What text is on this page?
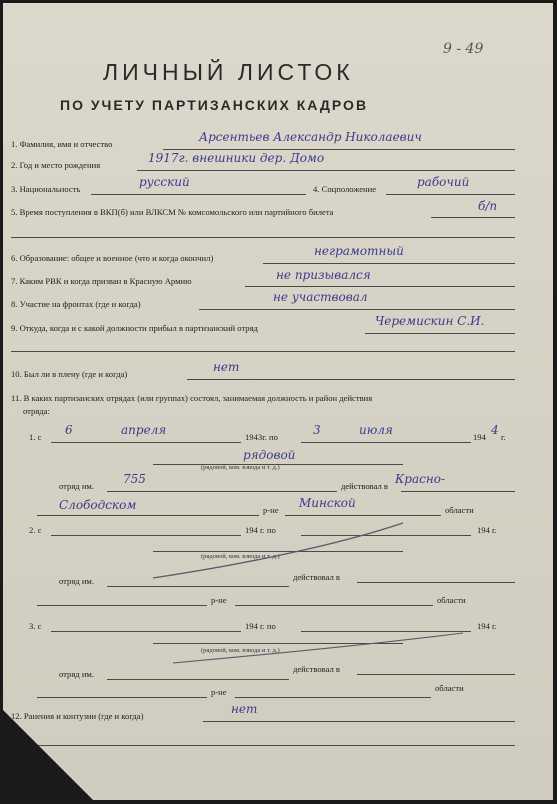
9 - 49
ЛИЧНЫЙ ЛИСТОК
ПО УЧЕТУ ПАРТИЗАНСКИХ КАДРОВ
1. Фамилия, имя и отчество	Арсентьев Александр Николаевич
2. Год и место рождения	1917г. внешники дер. Домо
3. Национальность	русский	4. Соцположение	рабочий
5. Время поступления в ВКП(б) или ВЛКСМ № комсомольского или партийного билета	б/п
6. Образование: общее и военное (что и когда окончил)	неграмотный
7. Каким РВК и когда призван в Красную Армию	не призывался
8. Участие на фронтах (где и когда)	не участвовал
9. Откуда, когда и с какой должности прибыл в партизанский отряд	Черемискин С.И.
10. Был ли в плену (где и когда)	нет
11. В каких партизанских отрядах (или группах) состоял, занимаемая должность и район действия
отряда:
1. с 6	апреля	1943г. по	3	июля	194 4 г.
рядовой
(рядовой, ком. взвода и т. д.)
отряд им. 755	действовал в Красно-
Слободском	р-не Минской	области
2. с	194 г. по	194 г.
(рядовой, ком. взвода и т. д.)
отряд им.	действовал в
р-не	области
3. с	194 г. по	194 г.
(рядовой, ком. взвода и т. д.)
отряд им.	действовал в
р-не	области
12. Ранения и контузии (где и когда)	нет
